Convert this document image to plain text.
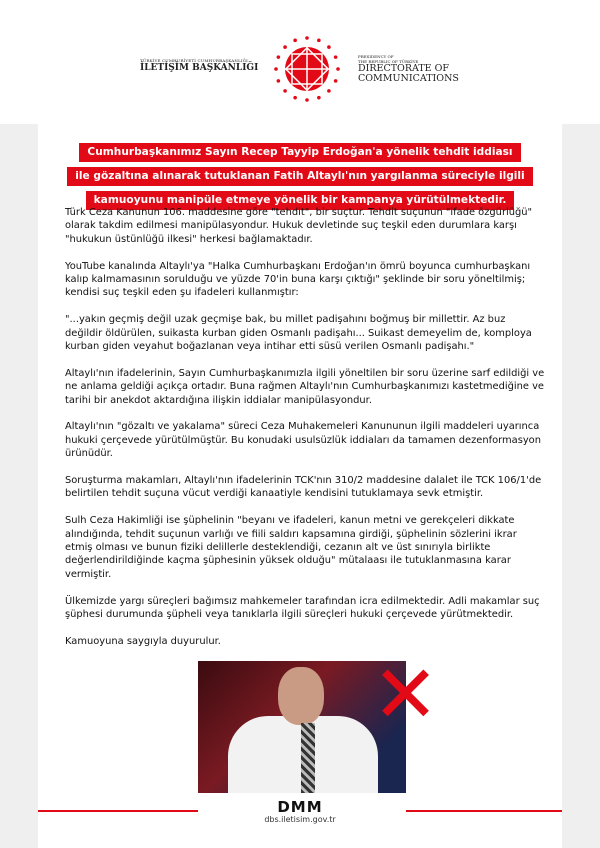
TÜRKİYE CUMHURİYETİ CUMHURBAŞKANLIĞI
İLETİŞİM BAŞKANLIĞI
PRESIDENCY OF
THE REPUBLIC OF TÜRKİYE
DIRECTORATE OF
COMMUNICATIONS
Cumhurbaşkanımız Sayın Recep Tayyip Erdoğan'a yönelik tehdit iddiası
ile gözaltına alınarak tutuklanan Fatih Altaylı'nın yargılanma süreciyle ilgili
kamuoyunu manipüle etmeye yönelik bir kampanya yürütülmektedir.

Türk Ceza Kanunun 106. maddesine göre "tehdit", bir suçtur. Tehdit suçunun "ifade özgürlüğü" olarak takdim edilmesi manipülasyondur. Hukuk devletinde suç teşkil eden durumlara karşı "hukukun üstünlüğü ilkesi" herkesi bağlamaktadır.

YouTube kanalında Altaylı'ya "Halka Cumhurbaşkanı Erdoğan'ın ömrü boyunca cumhurbaşkanı kalıp kalmamasının sorulduğu ve yüzde 70'in buna karşı çıktığı" şeklinde bir soru yöneltilmiş; kendisi suç teşkil eden şu ifadeleri kullanmıştır:

"...yakın geçmiş değil uzak geçmişe bak, bu millet padişahını boğmuş bir millettir. Az buz değildir öldürülen, suikasta kurban giden Osmanlı padişahı... Suikast demeyelim de, komploya kurban giden veyahut boğazlanan veya intihar etti süsü verilen Osmanlı padişahı."

Altaylı'nın ifadelerinin, Sayın Cumhurbaşkanımızla ilgili yöneltilen bir soru üzerine sarf edildiği ve ne anlama geldiği açıkça ortadır. Buna rağmen Altaylı'nın Cumhurbaşkanımızı kastetmediğine ve tarihi bir anekdot aktardığına ilişkin iddialar manipülasyondur.

Altaylı'nın "gözaltı ve yakalama" süreci Ceza Muhakemeleri Kanununun ilgili maddeleri uyarınca hukuki çerçevede yürütülmüştür. Bu konudaki usulsüzlük iddiaları da tamamen dezenformasyon ürünüdür.

Soruşturma makamları, Altaylı'nın ifadelerinin TCK'nın 310/2 maddesine dalalet ile TCK 106/1'de belirtilen tehdit suçuna vücut verdiği kanaatiyle kendisini tutuklamaya sevk etmiştir.

Sulh Ceza Hakimliği ise şüphelinin "beyanı ve ifadeleri, kanun metni ve gerekçeleri dikkate alındığında, tehdit suçunun varlığı ve fiili saldırı kapsamına girdiği, şüphelinin sözlerini ikrar etmiş olması ve bunun fiziki delillerle desteklendiği, cezanın alt ve üst sınırıyla birlikte değerlendirildiğinde kaçma şüphesinin yüksek olduğu" mütalaası ile tutuklanmasına karar vermiştir.

Ülkemizde yargı süreçleri bağımsız mahkemeler tarafından icra edilmektedir. Adli makamlar suç şüphesi durumunda şüpheli veya tanıklarla ilgili süreçleri hukuki çerçevede yürütmektedir.

Kamuoyuna saygıyla duyurulur.

✕
DMM
dbs.iletisim.gov.tr
